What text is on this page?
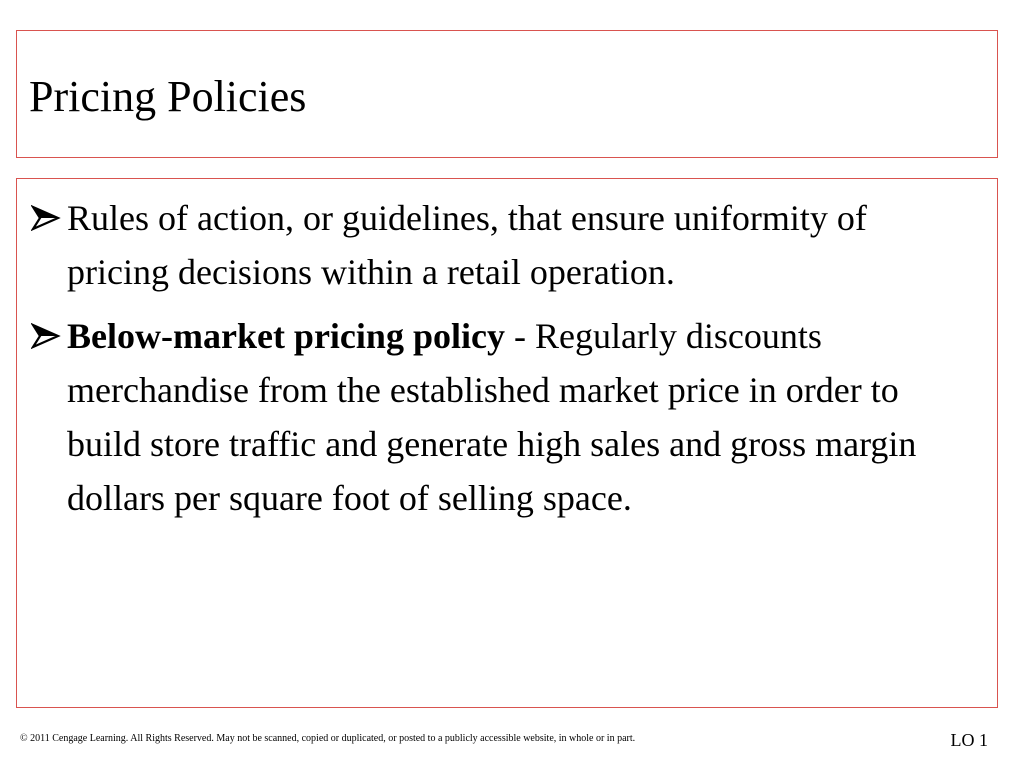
Pricing Policies
Rules of action, or guidelines, that ensure uniformity of pricing decisions within a retail operation.
Below-market pricing policy - Regularly discounts merchandise from the established market price in order to build store traffic and generate high sales and gross margin dollars per square foot of selling space.
© 2011 Cengage Learning. All Rights Reserved. May not be scanned, copied or duplicated, or posted to a publicly accessible website, in whole or in part.	LO 1
